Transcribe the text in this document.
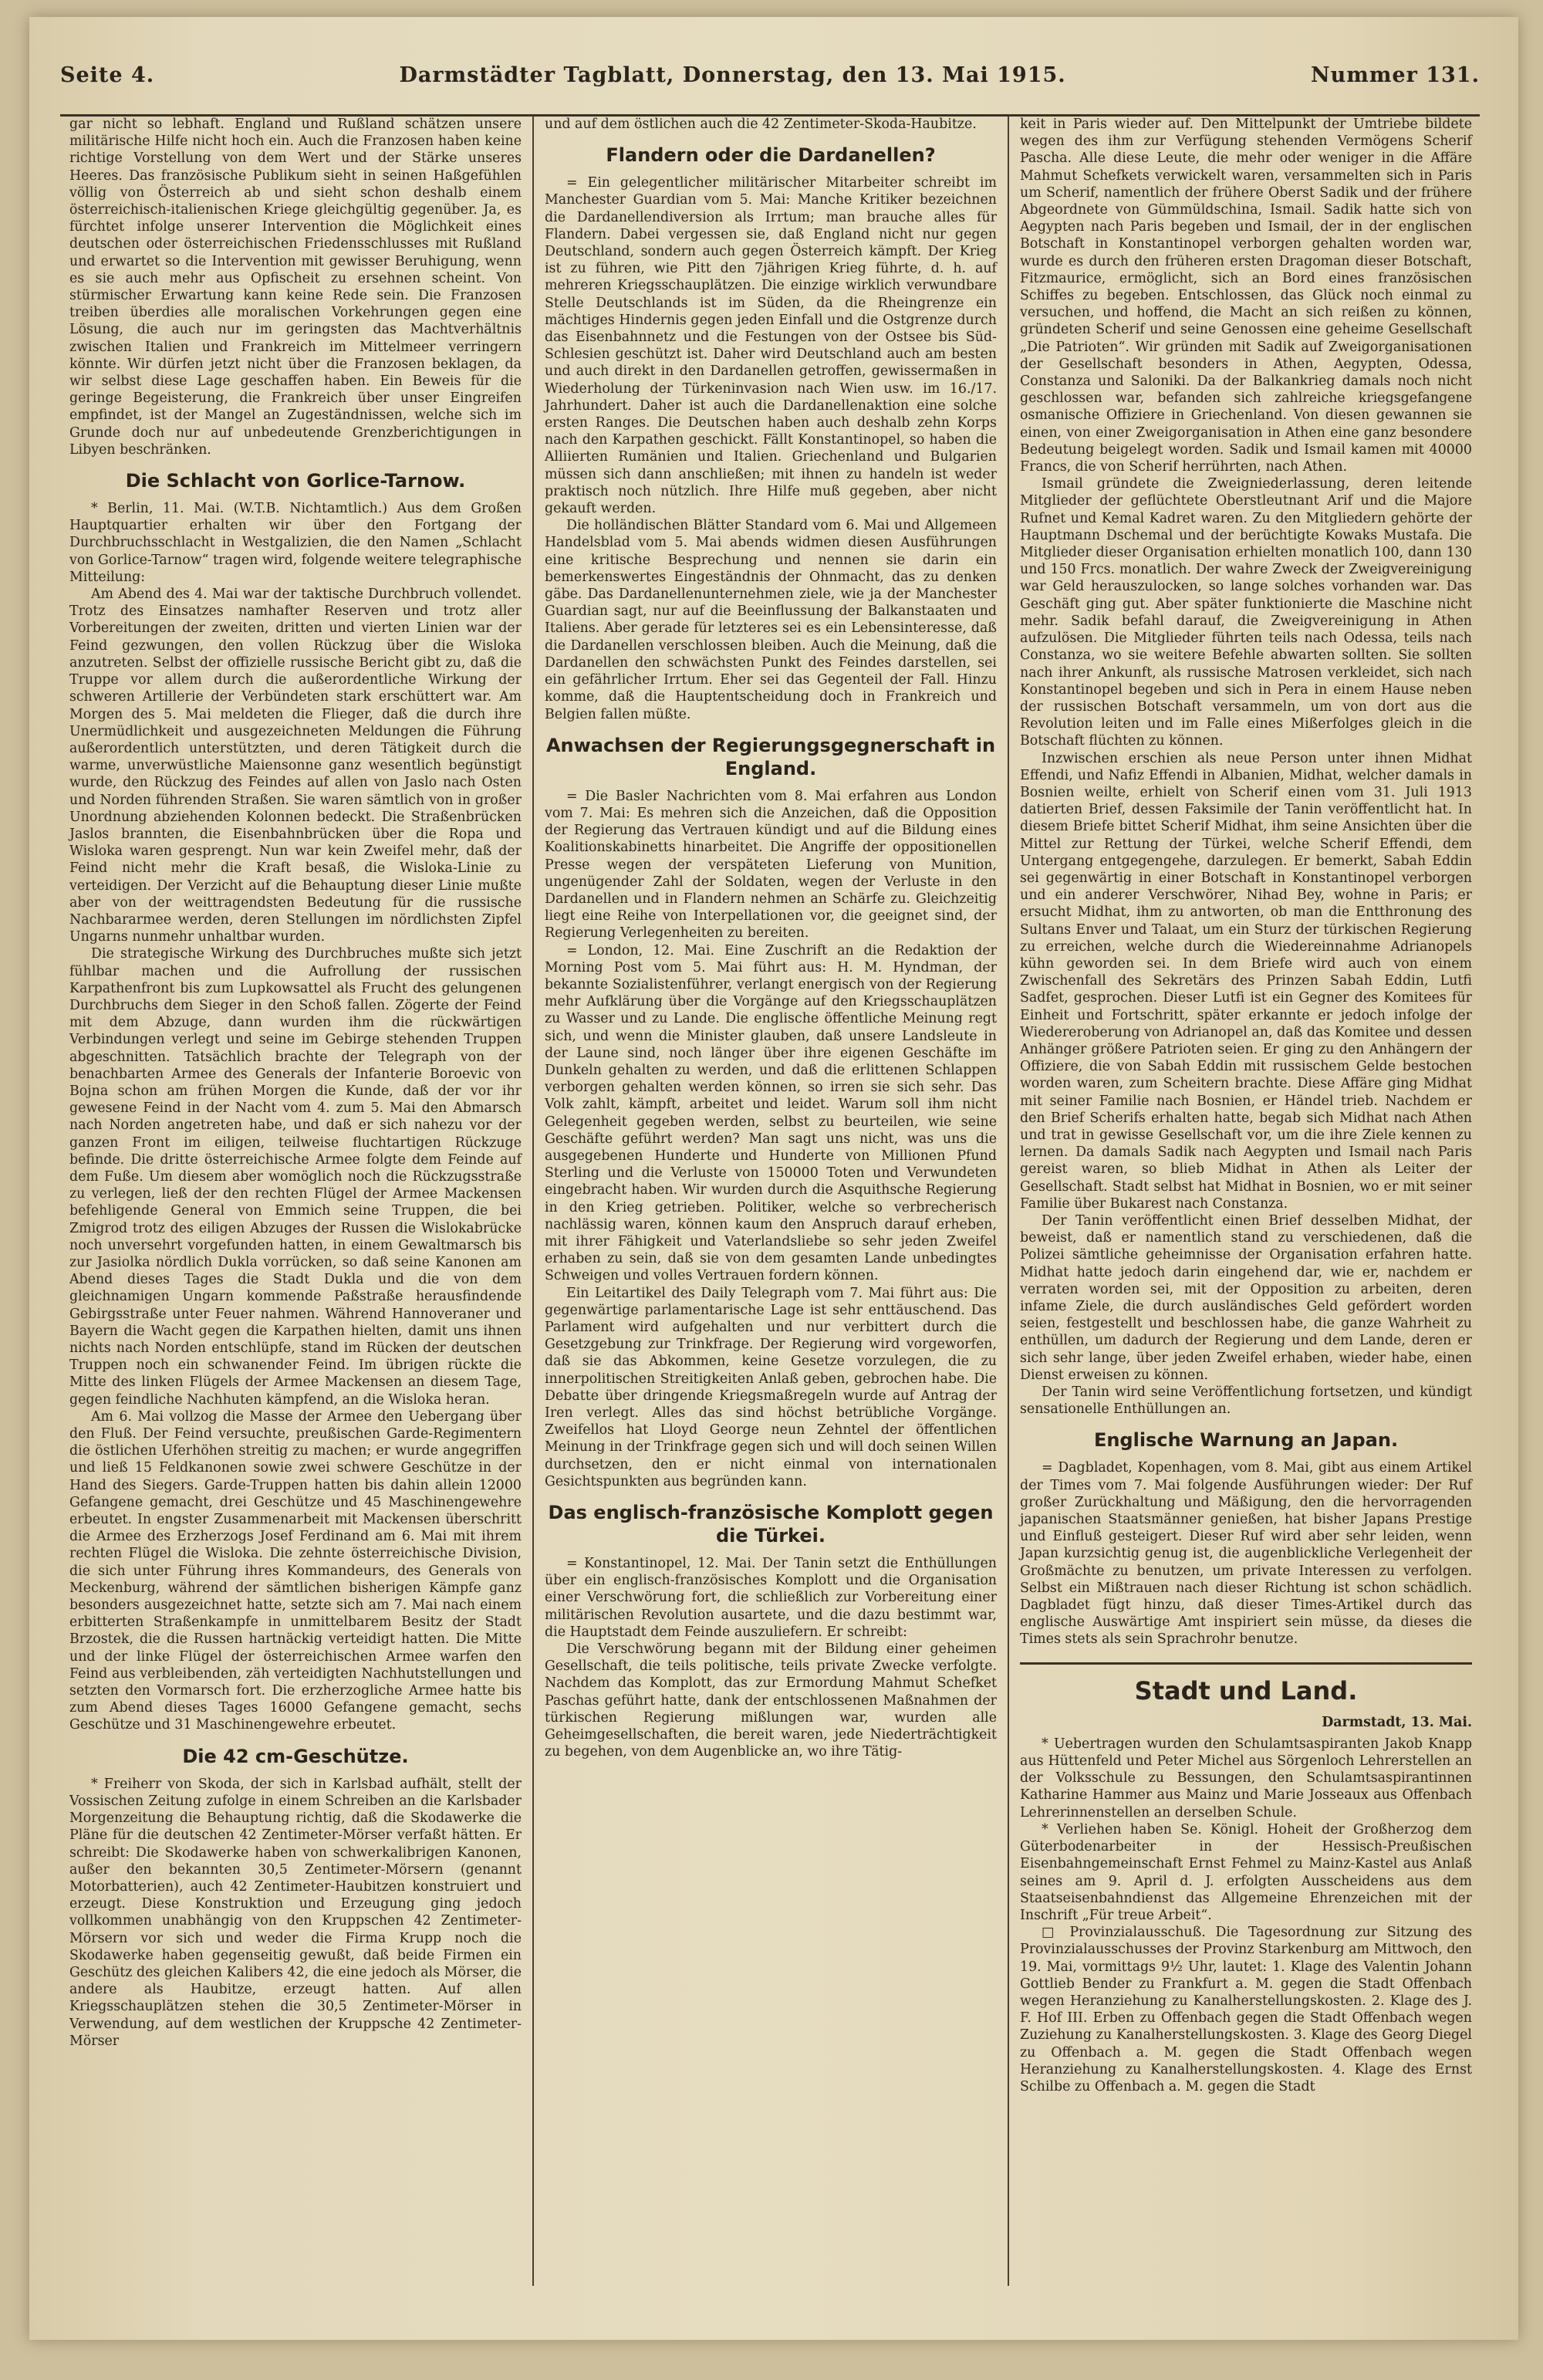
Seite 4.	Darmstädter Tagblatt, Donnerstag, den 13. Mai 1915.	Nummer 131.

gar nicht so lebhaft. England und Rußland schätzen unsere militärische Hilfe nicht hoch ein. Auch die Franzosen haben keine richtige Vorstellung von dem Wert und der Stärke unseres Heeres. Das französische Publikum sieht in seinen Haßgefühlen völlig von Österreich ab und sieht schon deshalb einem österreichisch-italienischen Kriege gleichgültig gegenüber. Ja, es fürchtet infolge unserer Intervention die Möglichkeit eines deutschen oder österreichischen Friedensschlusses mit Rußland und erwartet so die Intervention mit gewisser Beruhigung, wenn es sie auch mehr aus Opfischeit zu ersehnen scheint. Von stürmischer Erwartung kann keine Rede sein. Die Franzosen treiben überdies alle moralischen Vorkehrungen gegen eine Lösung, die auch nur im geringsten das Machtverhältnis zwischen Italien und Frankreich im Mittelmeer verringern könnte. Wir dürfen jetzt nicht über die Franzosen beklagen, da wir selbst diese Lage geschaffen haben. Ein Beweis für die geringe Begeisterung, die Frankreich über unser Eingreifen empfindet, ist der Mangel an Zugeständnissen, welche sich im Grunde doch nur auf unbedeutende Grenzberichtigungen in Libyen beschränken.

Die Schlacht von Gorlice-Tarnow.

* Berlin, 11. Mai. (W.T.B. Nichtamtlich.) Aus dem Großen Hauptquartier erhalten wir über den Fortgang der Durchbruchsschlacht in Westgalizien, die den Namen „Schlacht von Gorlice-Tarnow“ tragen wird, folgende weitere telegraphische Mitteilung:

Am Abend des 4. Mai war der taktische Durchbruch vollendet. Trotz des Einsatzes namhafter Reserven und trotz aller Vorbereitungen der zweiten, dritten und vierten Linien war der Feind gezwungen, den vollen Rückzug über die Wisloka anzutreten. Selbst der offizielle russische Bericht gibt zu, daß die Truppe vor allem durch die außerordentliche Wirkung der schweren Artillerie der Verbündeten stark erschüttert war. Am Morgen des 5. Mai meldeten die Flieger, daß die durch ihre Unermüdlichkeit und ausgezeichneten Meldungen die Führung außerordentlich unterstützten, und deren Tätigkeit durch die warme, unverwüstliche Maiensonne ganz wesentlich begünstigt wurde, den Rückzug des Feindes auf allen von Jaslo nach Osten und Norden führenden Straßen. Sie waren sämtlich von in großer Unordnung abziehenden Kolonnen bedeckt. Die Straßenbrücken Jaslos brannten, die Eisenbahnbrücken über die Ropa und Wisloka waren gesprengt. Nun war kein Zweifel mehr, daß der Feind nicht mehr die Kraft besaß, die Wisloka-Linie zu verteidigen. Der Verzicht auf die Behauptung dieser Linie mußte aber von der weittragendsten Bedeutung für die russische Nachbararmee werden, deren Stellungen im nördlichsten Zipfel Ungarns nunmehr unhaltbar wurden.

Die strategische Wirkung des Durchbruches mußte sich jetzt fühlbar machen und die Aufrollung der russischen Karpathenfront bis zum Lupkowsattel als Frucht des gelungenen Durchbruchs dem Sieger in den Schoß fallen. Zögerte der Feind mit dem Abzuge, dann wurden ihm die rückwärtigen Verbindungen verlegt und seine im Gebirge stehenden Truppen abgeschnitten. Tatsächlich brachte der Telegraph von der benachbarten Armee des Generals der Infanterie Boroevic von Bojna schon am frühen Morgen die Kunde, daß der vor ihr gewesene Feind in der Nacht vom 4. zum 5. Mai den Abmarsch nach Norden angetreten habe, und daß er sich nahezu vor der ganzen Front im eiligen, teilweise fluchtartigen Rückzuge befinde. Die dritte österreichische Armee folgte dem Feinde auf dem Fuße. Um diesem aber womöglich noch die Rückzugsstraße zu verlegen, ließ der den rechten Flügel der Armee Mackensen befehligende General von Emmich seine Truppen, die bei Zmigrod trotz des eiligen Abzuges der Russen die Wislokabrücke noch unversehrt vorgefunden hatten, in einem Gewaltmarsch bis zur Jasiolka nördlich Dukla vorrücken, so daß seine Kanonen am Abend dieses Tages die Stadt Dukla und die von dem gleichnamigen Ungarn kommende Paßstraße herausfindende Gebirgsstraße unter Feuer nahmen. Während Hannoveraner und Bayern die Wacht gegen die Karpathen hielten, damit uns ihnen nichts nach Norden entschlüpfe, stand im Rücken der deutschen Truppen noch ein schwanender Feind. Im übrigen rückte die Mitte des linken Flügels der Armee Mackensen an diesem Tage, gegen feindliche Nachhuten kämpfend, an die Wisloka heran.

Am 6. Mai vollzog die Masse der Armee den Uebergang über den Fluß. Der Feind versuchte, preußischen Garde-Regimentern die östlichen Uferhöhen streitig zu machen; er wurde angegriffen und ließ 15 Feldkanonen sowie zwei schwere Geschütze in der Hand des Siegers. Garde-Truppen hatten bis dahin allein 12000 Gefangene gemacht, drei Geschütze und 45 Maschinengewehre erbeutet. In engster Zusammenarbeit mit Mackensen überschritt die Armee des Erzherzogs Josef Ferdinand am 6. Mai mit ihrem rechten Flügel die Wisloka. Die zehnte österreichische Division, die sich unter Führung ihres Kommandeurs, des Generals von Meckenburg, während der sämtlichen bisherigen Kämpfe ganz besonders ausgezeichnet hatte, setzte sich am 7. Mai nach einem erbitterten Straßenkampfe in unmittelbarem Besitz der Stadt Brzostek, die die Russen hartnäckig verteidigt hatten. Die Mitte und der linke Flügel der österreichischen Armee warfen den Feind aus verbleibenden, zäh verteidigten Nachhutstellungen und setzten den Vormarsch fort. Die erzherzogliche Armee hatte bis zum Abend dieses Tages 16000 Gefangene gemacht, sechs Geschütze und 31 Maschinengewehre erbeutet.

Die 42 cm-Geschütze.

* Freiherr von Skoda, der sich in Karlsbad aufhält, stellt der Vossischen Zeitung zufolge in einem Schreiben an die Karlsbader Morgenzeitung die Behauptung richtig, daß die Skodawerke die Pläne für die deutschen 42 Zentimeter-Mörser verfaßt hätten. Er schreibt: Die Skodawerke haben von schwerkalibrigen Kanonen, außer den bekannten 30,5 Zentimeter-Mörsern (genannt Motorbatterien), auch 42 Zentimeter-Haubitzen konstruiert und erzeugt. Diese Konstruktion und Erzeugung ging jedoch vollkommen unabhängig von den Kruppschen 42 Zentimeter-Mörsern vor sich und weder die Firma Krupp noch die Skodawerke haben gegenseitig gewußt, daß beide Firmen ein Geschütz des gleichen Kalibers 42, die eine jedoch als Mörser, die andere als Haubitze, erzeugt hatten. Auf allen Kriegsschauplätzen stehen die 30,5 Zentimeter-Mörser in Verwendung, auf dem westlichen der Kruppsche 42 Zentimeter-Mörser

und auf dem östlichen auch die 42 Zentimeter-Skoda-Haubitze.

Flandern oder die Dardanellen?

= Ein gelegentlicher militärischer Mitarbeiter schreibt im Manchester Guardian vom 5. Mai: Manche Kritiker bezeichnen die Dardanellendiversion als Irrtum; man brauche alles für Flandern. Dabei vergessen sie, daß England nicht nur gegen Deutschland, sondern auch gegen Österreich kämpft. Der Krieg ist zu führen, wie Pitt den 7jährigen Krieg führte, d. h. auf mehreren Kriegsschauplätzen. Die einzige wirklich verwundbare Stelle Deutschlands ist im Süden, da die Rheingrenze ein mächtiges Hindernis gegen jeden Einfall und die Ostgrenze durch das Eisenbahnnetz und die Festungen von der Ostsee bis Süd-Schlesien geschützt ist. Daher wird Deutschland auch am besten und auch direkt in den Dardanellen getroffen, gewissermaßen in Wiederholung der Türkeninvasion nach Wien usw. im 16./17. Jahrhundert. Daher ist auch die Dardanellenaktion eine solche ersten Ranges. Die Deutschen haben auch deshalb zehn Korps nach den Karpathen geschickt. Fällt Konstantinopel, so haben die Alliierten Rumänien und Italien. Griechenland und Bulgarien müssen sich dann anschließen; mit ihnen zu handeln ist weder praktisch noch nützlich. Ihre Hilfe muß gegeben, aber nicht gekauft werden.

Die holländischen Blätter Standard vom 6. Mai und Allgemeen Handelsblad vom 5. Mai abends widmen diesen Ausführungen eine kritische Besprechung und nennen sie darin ein bemerkenswertes Eingeständnis der Ohnmacht, das zu denken gäbe. Das Dardanellenunternehmen ziele, wie ja der Manchester Guardian sagt, nur auf die Beeinflussung der Balkanstaaten und Italiens. Aber gerade für letzteres sei es ein Lebensinteresse, daß die Dardanellen verschlossen bleiben. Auch die Meinung, daß die Dardanellen den schwächsten Punkt des Feindes darstellen, sei ein gefährlicher Irrtum. Eher sei das Gegenteil der Fall. Hinzu komme, daß die Hauptentscheidung doch in Frankreich und Belgien fallen müßte.

Anwachsen der Regierungsgegnerschaft in England.

= Die Basler Nachrichten vom 8. Mai erfahren aus London vom 7. Mai: Es mehren sich die Anzeichen, daß die Opposition der Regierung das Vertrauen kündigt und auf die Bildung eines Koalitionskabinetts hinarbeitet. Die Angriffe der oppositionellen Presse wegen der verspäteten Lieferung von Munition, ungenügender Zahl der Soldaten, wegen der Verluste in den Dardanellen und in Flandern nehmen an Schärfe zu. Gleichzeitig liegt eine Reihe von Interpellationen vor, die geeignet sind, der Regierung Verlegenheiten zu bereiten.

= London, 12. Mai. Eine Zuschrift an die Redaktion der Morning Post vom 5. Mai führt aus: H. M. Hyndman, der bekannte Sozialistenführer, verlangt energisch von der Regierung mehr Aufklärung über die Vorgänge auf den Kriegsschauplätzen zu Wasser und zu Lande. Die englische öffentliche Meinung regt sich, und wenn die Minister glauben, daß unsere Landsleute in der Laune sind, noch länger über ihre eigenen Geschäfte im Dunkeln gehalten zu werden, und daß die erlittenen Schlappen verborgen gehalten werden können, so irren sie sich sehr. Das Volk zahlt, kämpft, arbeitet und leidet. Warum soll ihm nicht Gelegenheit gegeben werden, selbst zu beurteilen, wie seine Geschäfte geführt werden? Man sagt uns nicht, was uns die ausgegebenen Hunderte und Hunderte von Millionen Pfund Sterling und die Verluste von 150000 Toten und Verwundeten eingebracht haben. Wir wurden durch die Asquithsche Regierung in den Krieg getrieben. Politiker, welche so verbrecherisch nachlässig waren, können kaum den Anspruch darauf erheben, mit ihrer Fähigkeit und Vaterlandsliebe so sehr jeden Zweifel erhaben zu sein, daß sie von dem gesamten Lande unbedingtes Schweigen und volles Vertrauen fordern können.

Ein Leitartikel des Daily Telegraph vom 7. Mai führt aus: Die gegenwärtige parlamentarische Lage ist sehr enttäuschend. Das Parlament wird aufgehalten und nur verbittert durch die Gesetzgebung zur Trinkfrage. Der Regierung wird vorgeworfen, daß sie das Abkommen, keine Gesetze vorzulegen, die zu innerpolitischen Streitigkeiten Anlaß geben, gebrochen habe. Die Debatte über dringende Kriegsmaßregeln wurde auf Antrag der Iren verlegt. Alles das sind höchst betrübliche Vorgänge. Zweifellos hat Lloyd George neun Zehntel der öffentlichen Meinung in der Trinkfrage gegen sich und will doch seinen Willen durchsetzen, den er nicht einmal von internationalen Gesichtspunkten aus begründen kann.

Das englisch-französische Komplott gegen die Türkei.

= Konstantinopel, 12. Mai. Der Tanin setzt die Enthüllungen über ein englisch-französisches Komplott und die Organisation einer Verschwörung fort, die schließlich zur Vorbereitung einer militärischen Revolution ausartete, und die dazu bestimmt war, die Hauptstadt dem Feinde auszuliefern. Er schreibt:

Die Verschwörung begann mit der Bildung einer geheimen Gesellschaft, die teils politische, teils private Zwecke verfolgte. Nachdem das Komplott, das zur Ermordung Mahmut Schefket Paschas geführt hatte, dank der entschlossenen Maßnahmen der türkischen Regierung mißlungen war, wurden alle Geheimgesellschaften, die bereit waren, jede Niederträchtigkeit zu begehen, von dem Augenblicke an, wo ihre Tätig-

keit in Paris wieder auf. Den Mittelpunkt der Umtriebe bildete wegen des ihm zur Verfügung stehenden Vermögens Scherif Pascha. Alle diese Leute, die mehr oder weniger in die Affäre Mahmut Schefkets verwickelt waren, versammelten sich in Paris um Scherif, namentlich der frühere Oberst Sadik und der frühere Abgeordnete von Gümmüldschina, Ismail. Sadik hatte sich von Aegypten nach Paris begeben und Ismail, der in der englischen Botschaft in Konstantinopel verborgen gehalten worden war, wurde es durch den früheren ersten Dragoman dieser Botschaft, Fitzmaurice, ermöglicht, sich an Bord eines französischen Schiffes zu begeben. Entschlossen, das Glück noch einmal zu versuchen, und hoffend, die Macht an sich reißen zu können, gründeten Scherif und seine Genossen eine geheime Gesellschaft „Die Patrioten“. Wir gründen mit Sadik auf Zweigorganisationen der Gesellschaft besonders in Athen, Aegypten, Odessa, Constanza und Saloniki. Da der Balkankrieg damals noch nicht geschlossen war, befanden sich zahlreiche kriegsgefangene osmanische Offiziere in Griechenland. Von diesen gewannen sie einen, von einer Zweigorganisation in Athen eine ganz besondere Bedeutung beigelegt worden. Sadik und Ismail kamen mit 40000 Francs, die von Scherif herrührten, nach Athen.

Ismail gründete die Zweigniederlassung, deren leitende Mitglieder der geflüchtete Oberstleutnant Arif und die Majore Rufnet und Kemal Kadret waren. Zu den Mitgliedern gehörte der Hauptmann Dschemal und der berüchtigte Kowaks Mustafa. Die Mitglieder dieser Organisation erhielten monatlich 100, dann 130 und 150 Frcs. monatlich. Der wahre Zweck der Zweigvereinigung war Geld herauszulocken, so lange solches vorhanden war. Das Geschäft ging gut. Aber später funktionierte die Maschine nicht mehr. Sadik befahl darauf, die Zweigvereinigung in Athen aufzulösen. Die Mitglieder führten teils nach Odessa, teils nach Constanza, wo sie weitere Befehle abwarten sollten. Sie sollten nach ihrer Ankunft, als russische Matrosen verkleidet, sich nach Konstantinopel begeben und sich in Pera in einem Hause neben der russischen Botschaft versammeln, um von dort aus die Revolution leiten und im Falle eines Mißerfolges gleich in die Botschaft flüchten zu können.

Inzwischen erschien als neue Person unter ihnen Midhat Effendi, und Nafiz Effendi in Albanien, Midhat, welcher damals in Bosnien weilte, erhielt von Scherif einen vom 31. Juli 1913 datierten Brief, dessen Faksimile der Tanin veröffentlicht hat. In diesem Briefe bittet Scherif Midhat, ihm seine Ansichten über die Mittel zur Rettung der Türkei, welche Scherif Effendi, dem Untergang entgegengehe, darzulegen. Er bemerkt, Sabah Eddin sei gegenwärtig in einer Botschaft in Konstantinopel verborgen und ein anderer Verschwörer, Nihad Bey, wohne in Paris; er ersucht Midhat, ihm zu antworten, ob man die Entthronung des Sultans Enver und Talaat, um ein Sturz der türkischen Regierung zu erreichen, welche durch die Wiedereinnahme Adrianopels kühn geworden sei. In dem Briefe wird auch von einem Zwischenfall des Sekretärs des Prinzen Sabah Eddin, Lutfi Sadfet, gesprochen. Dieser Lutfi ist ein Gegner des Komitees für Einheit und Fortschritt, später erkannte er jedoch infolge der Wiedereroberung von Adrianopel an, daß das Komitee und dessen Anhänger größere Patrioten seien. Er ging zu den Anhängern der Offiziere, die von Sabah Eddin mit russischem Gelde bestochen worden waren, zum Scheitern brachte. Diese Affäre ging Midhat mit seiner Familie nach Bosnien, er Händel trieb. Nachdem er den Brief Scherifs erhalten hatte, begab sich Midhat nach Athen und trat in gewisse Gesellschaft vor, um die ihre Ziele kennen zu lernen. Da damals Sadik nach Aegypten und Ismail nach Paris gereist waren, so blieb Midhat in Athen als Leiter der Gesellschaft. Stadt selbst hat Midhat in Bosnien, wo er mit seiner Familie über Bukarest nach Constanza.

Der Tanin veröffentlicht einen Brief desselben Midhat, der beweist, daß er namentlich stand zu verschiedenen, daß die Polizei sämtliche geheimnisse der Organisation erfahren hatte. Midhat hatte jedoch darin eingehend dar, wie er, nachdem er verraten worden sei, mit der Opposition zu arbeiten, deren infame Ziele, die durch ausländisches Geld gefördert worden seien, festgestellt und beschlossen habe, die ganze Wahrheit zu enthüllen, um dadurch der Regierung und dem Lande, deren er sich sehr lange, über jeden Zweifel erhaben, wieder habe, einen Dienst erweisen zu können.

Der Tanin wird seine Veröffentlichung fortsetzen, und kündigt sensationelle Enthüllungen an.

Englische Warnung an Japan.

= Dagbladet, Kopenhagen, vom 8. Mai, gibt aus einem Artikel der Times vom 7. Mai folgende Ausführungen wieder: Der Ruf großer Zurückhaltung und Mäßigung, den die hervorragenden japanischen Staatsmänner genießen, hat bisher Japans Prestige und Einfluß gesteigert. Dieser Ruf wird aber sehr leiden, wenn Japan kurzsichtig genug ist, die augenblickliche Verlegenheit der Großmächte zu benutzen, um private Interessen zu verfolgen. Selbst ein Mißtrauen nach dieser Richtung ist schon schädlich. Dagbladet fügt hinzu, daß dieser Times-Artikel durch das englische Auswärtige Amt inspiriert sein müsse, da dieses die Times stets als sein Sprachrohr benutze.

Stadt und Land.
Darmstadt, 13. Mai.

* Uebertragen wurden den Schulamtsaspiranten Jakob Knapp aus Hüttenfeld und Peter Michel aus Sörgenloch Lehrerstellen an der Volksschule zu Bessungen, den Schulamtsaspirantinnen Katharine Hammer aus Mainz und Marie Josseaux aus Offenbach Lehrerinnenstellen an derselben Schule.

* Verliehen haben Se. Königl. Hoheit der Großherzog dem Güterbodenarbeiter in der Hessisch-Preußischen Eisenbahngemeinschaft Ernst Fehmel zu Mainz-Kastel aus Anlaß seines am 9. April d. J. erfolgten Ausscheidens aus dem Staatseisenbahndienst das Allgemeine Ehrenzeichen mit der Inschrift „Für treue Arbeit“.

□ Provinzialausschuß. Die Tagesordnung zur Sitzung des Provinzialausschusses der Provinz Starkenburg am Mittwoch, den 19. Mai, vormittags 9½ Uhr, lautet: 1. Klage des Valentin Johann Gottlieb Bender zu Frankfurt a. M. gegen die Stadt Offenbach wegen Heranziehung zu Kanalherstellungskosten. 2. Klage des J. F. Hof III. Erben zu Offenbach gegen die Stadt Offenbach wegen Zuziehung zu Kanalherstellungskosten. 3. Klage des Georg Diegel zu Offenbach a. M. gegen die Stadt Offenbach wegen Heranziehung zu Kanalherstellungskosten. 4. Klage des Ernst Schilbe zu Offenbach a. M. gegen die Stadt
